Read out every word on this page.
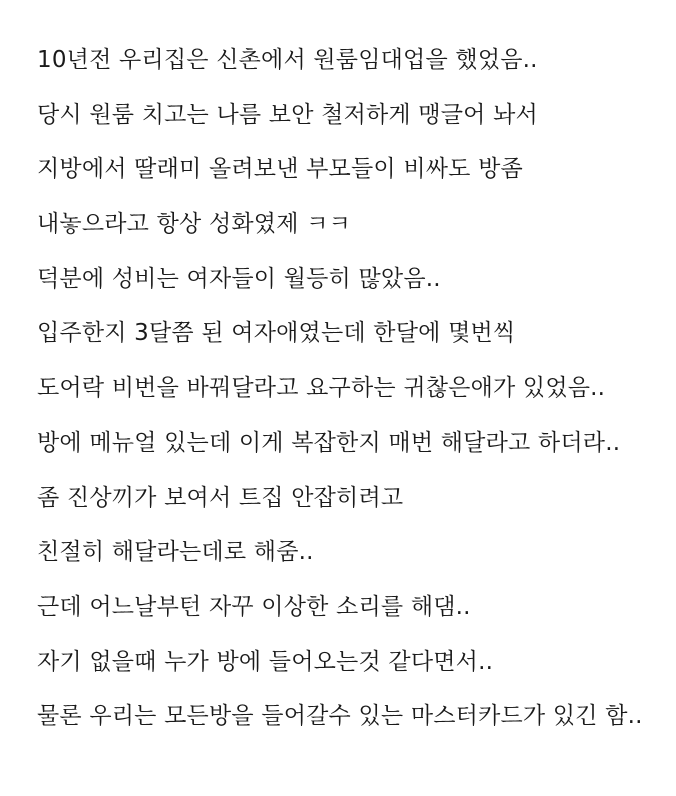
10년전 우리집은 신촌에서 원룸임대업을 했었음..
당시 원룸 치고는 나름 보안 철저하게 맹글어 놔서
지방에서 딸래미 올려보낸 부모들이 비싸도 방좀
내놓으라고 항상 성화였제 ㅋㅋ
덕분에 성비는 여자들이 월등히 많았음..
입주한지 3달쯤 된 여자애였는데 한달에 몇번씩
도어락 비번을 바꿔달라고 요구하는 귀찮은애가 있었음..
방에 메뉴얼 있는데 이게 복잡한지 매번 해달라고 하더라..
좀 진상끼가 보여서 트집 안잡히려고
친절히 해달라는데로 해줌..
근데 어느날부턴 자꾸 이상한 소리를 해댐..
자기 없을때 누가 방에 들어오는것 같다면서..
물론 우리는 모든방을 들어갈수 있는 마스터카드가 있긴 함..
